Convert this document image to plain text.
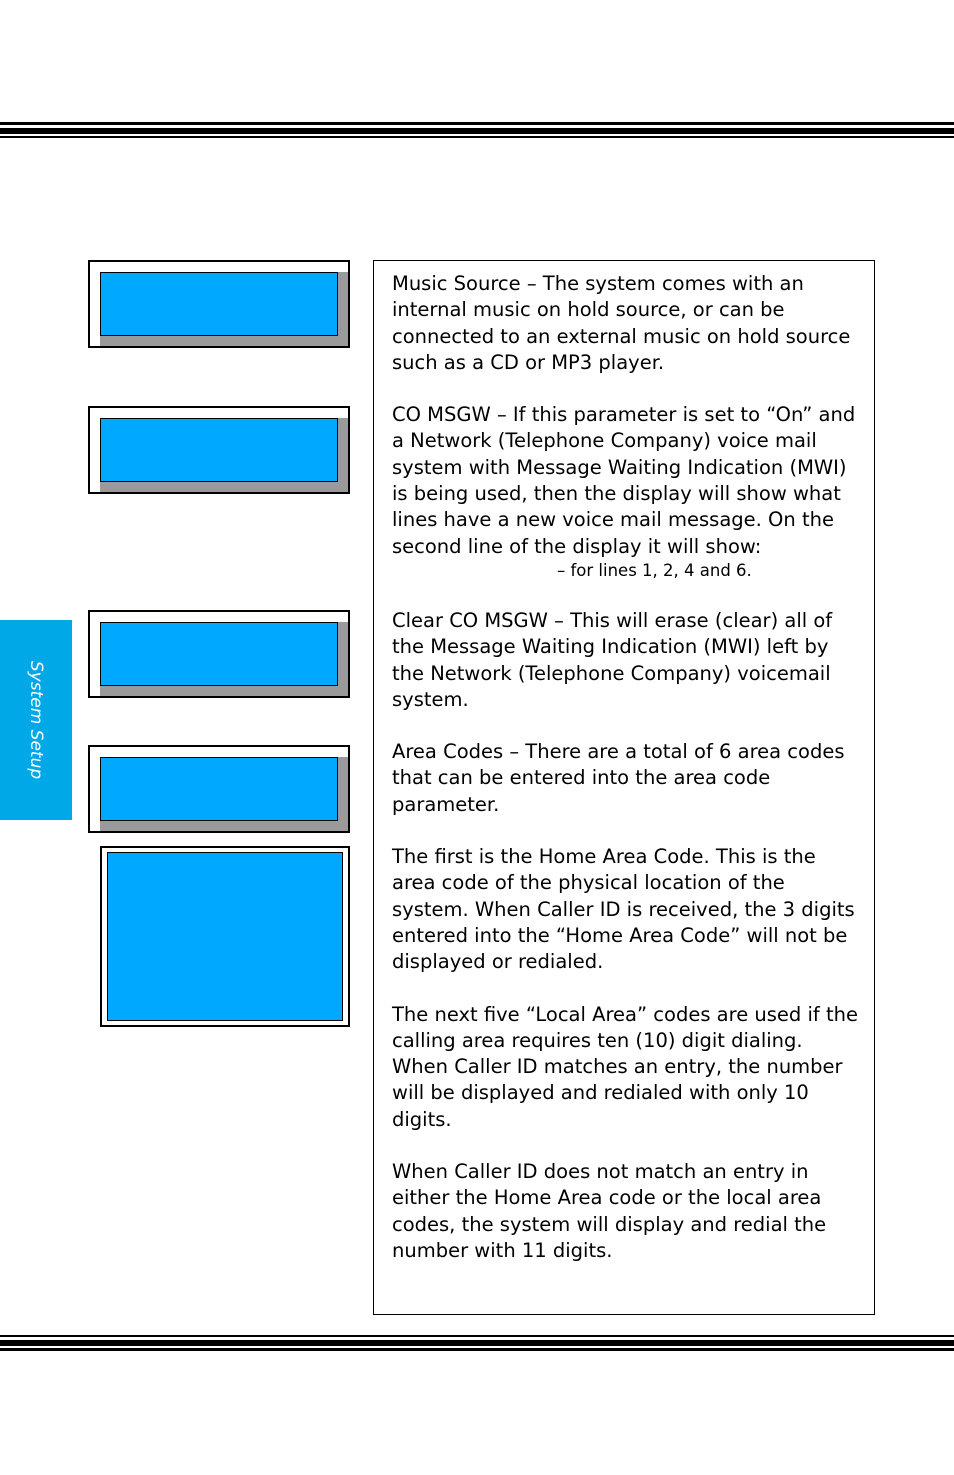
System Setup

Music Source – The system comes with an internal music on hold source, or can be connected to an external music on hold source such as a CD or MP3 player.

CO MSGW – If this parameter is set to “On” and a Network (Telephone Company) voice mail system with Message Waiting Indication (MWI) is being used, then the display will show what lines have a new voice mail message. On the second line of the display it will show:

– for lines 1, 2, 4 and 6.

Clear CO MSGW – This will erase (clear) all of the Message Waiting Indication (MWI) left by the Network (Telephone Company) voicemail system.

Area Codes – There are a total of 6 area codes that can be entered into the area code parameter.

The first is the Home Area Code. This is the area code of the physical location of the system. When Caller ID is received, the 3 digits entered into the “Home Area Code” will not be displayed or redialed.

The next five “Local Area” codes are used if the calling area requires ten (10) digit dialing. When Caller ID matches an entry, the number will be displayed and redialed with only 10 digits.

When Caller ID does not match an entry in either the Home Area code or the local area codes, the system will display and redial the number with 11 digits.
